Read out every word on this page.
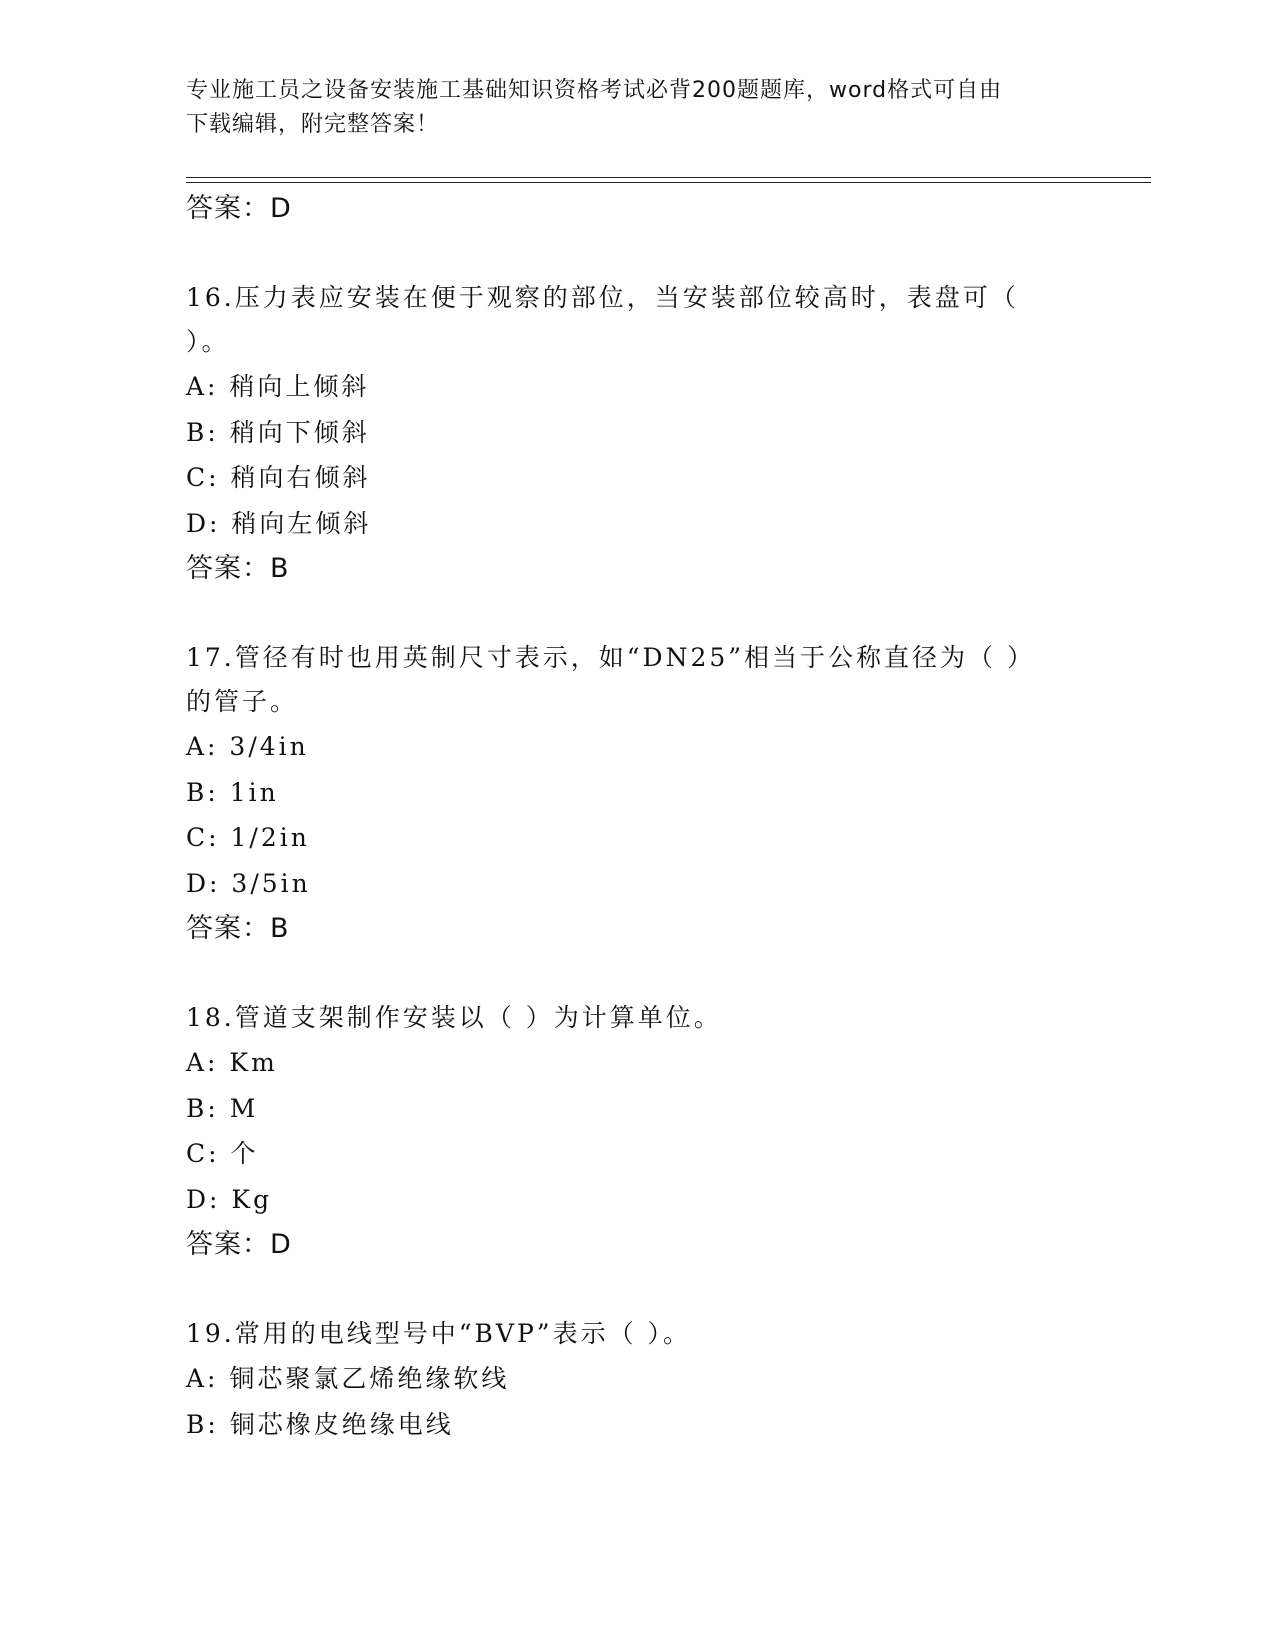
专业施工员之设备安装施工基础知识资格考试必背200题题库，word格式可自由
下载编辑，附完整答案！
答案：D
16.压力表应安装在便于观察的部位，当安装部位较高时，表盘可（
）。
A: 稍向上倾斜
B: 稍向下倾斜
C: 稍向右倾斜
D: 稍向左倾斜
答案：B
17.管径有时也用英制尺寸表示，如“DN25”相当于公称直径为（ ）
的管子。
A: 3/4in
B: 1in
C: 1/2in
D: 3/5in
答案：B
18.管道支架制作安装以（ ）为计算单位。
A: Km
B: M
C: 个
D: Kg
答案：D
19.常用的电线型号中“BVP”表示（ ）。
A: 铜芯聚氯乙烯绝缘软线
B: 铜芯橡皮绝缘电线
